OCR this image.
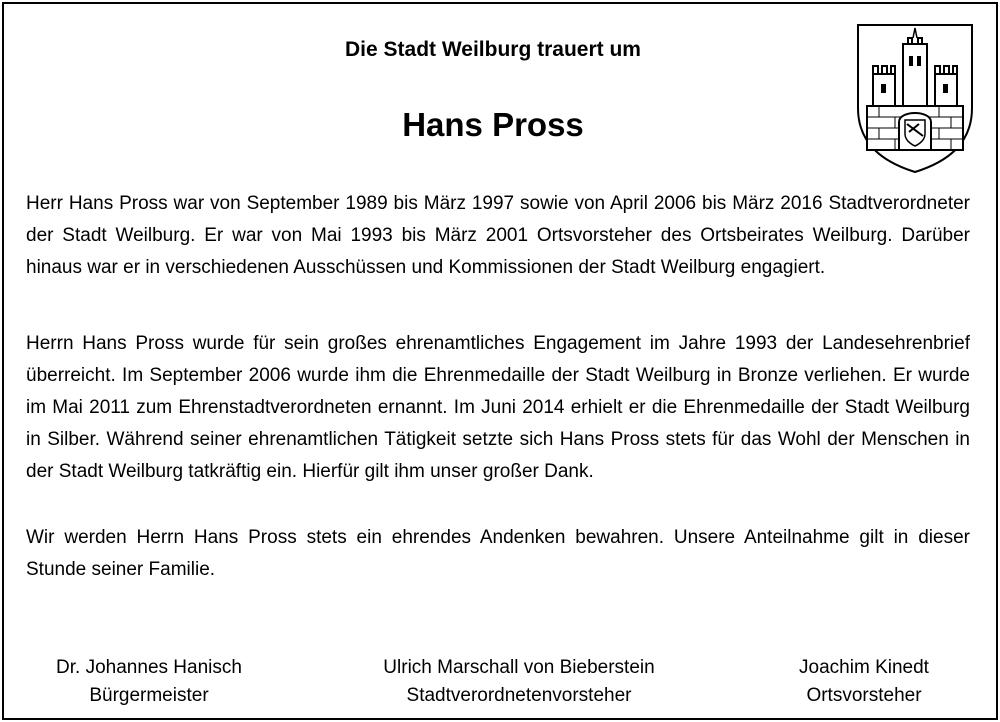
Die Stadt Weilburg trauert um
Hans Pross

Herr Hans Pross war von September 1989 bis März 1997 sowie von April 2006 bis März 2016 Stadtverordneter der Stadt Weilburg. Er war von Mai 1993 bis März 2001 Ortsvorsteher des Ortsbeirates Weilburg. Darüber hinaus war er in verschiedenen Ausschüssen und Kommissionen der Stadt Weilburg engagiert.

Herrn Hans Pross wurde für sein großes ehrenamtliches Engagement im Jahre 1993 der Landesehrenbrief überreicht. Im September 2006 wurde ihm die Ehrenmedaille der Stadt Weilburg in Bronze verliehen. Er wurde im Mai 2011 zum Ehrenstadtverordneten ernannt. Im Juni 2014 erhielt er die Ehrenmedaille der Stadt Weilburg in Silber. Während seiner ehrenamtlichen Tätigkeit setzte sich Hans Pross stets für das Wohl der Menschen in der Stadt Weilburg tatkräftig ein. Hierfür gilt ihm unser großer Dank.

Wir werden Herrn Hans Pross stets ein ehrendes Andenken bewahren. Unsere Anteilnahme gilt in dieser Stunde seiner Familie.

Dr. Johannes Hanisch
Bürgermeister
Ulrich Marschall von Bieberstein
Stadtverordnetenvorsteher
Joachim Kinedt
Ortsvorsteher
